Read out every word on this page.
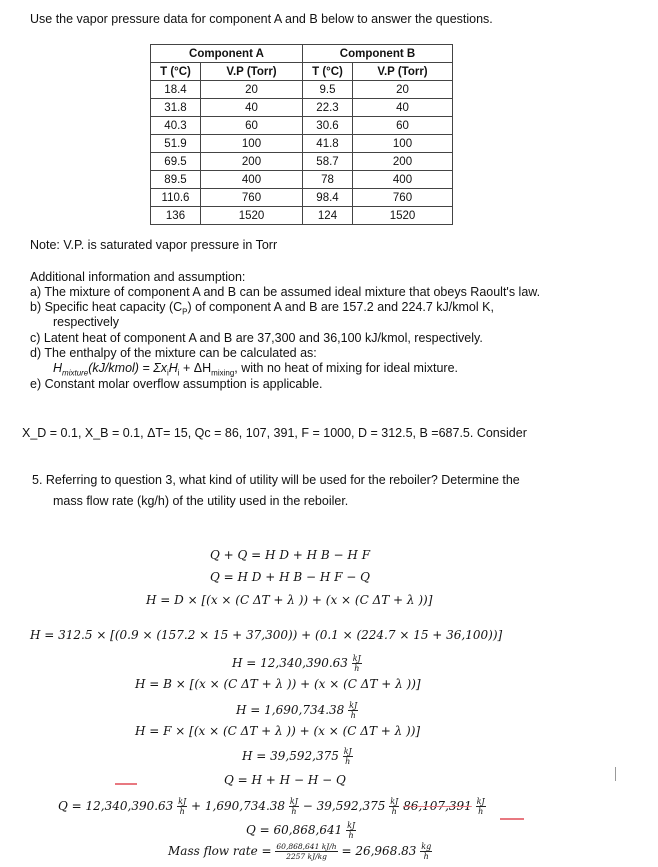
Use the vapor pressure data for component A and B below to answer the questions.
Component A		Component B	
T (°C)	V.P (Torr)	T (°C)	V.P (Torr)
18.4	20	9.5	20
31.8	40	22.3	40
40.3	60	30.6	60
51.9	100	41.8	100
69.5	200	58.7	200
89.5	400	78	400
110.6	760	98.4	760
136	1520	124	1520
Note: V.P. is saturated vapor pressure in Torr
Additional information and assumption:
a) The mixture of component A and B can be assumed ideal mixture that obeys Raoult's law.
b) Specific heat capacity $(C_P)$ of component A and B are 157.2 and 224.7 kJ/kmol K,
respectively
c) Latent heat of component A and B are 37,300 and 36,100 kJ/kmol, respectively.
d) The enthalpy of the mixture can be calculated as:
$H_{mixture}(kJ/kmol) = \Sigma x_iH_i + \Delta H_{mixing}$, with no heat of mixing for ideal mixture.
e) Constant molar overflow assumption is applicable.
X_D = 0.1, X_B = 0.1, ΔT= 15, Qc = 86, 107, 391, F = 1000, D = 312.5, B =687.5. Consider
5. Referring to question 3, what kind of utility will be used for the reboiler? Determine the
mass flow rate (kg/h) of the utility used in the reboiler.
Q + Q = H D + H B − H F
Q = H D + H B − H F − Q
H = D × [(x × (C ΔT + λ )) + (x × (C ΔT + λ ))]
H = 312.5 × [(0.9 × (157.2 × 15 + 37,300)) + (0.1 × (224.7 × 15 + 36,100))]
$H = 12,340,390.63 \frac{kJ}{h}$
H = B × [(x × (C ΔT + λ )) + (x × (C ΔT + λ ))]
$H = 1,690,734.38 \frac{kJ}{h}$
H = F × [(x × (C ΔT + λ )) + (x × (C ΔT + λ ))]
$H = 39,592,375 \frac{kJ}{h}$
Q = H + H − H − Q
$Q = 12,340,390.63 \frac{kJ}{h} + 1,690,734.38 \frac{kJ}{h} - 39,592,375 \frac{kJ}{h} 86,107,391 \frac{kJ}{h}$
$Q = 60,868,641 \frac{kJ}{h}$
Mass flow rate = $\frac{60,868,641 kJ/h}{2257 kJ/kg} = 26,968.83 \frac{kg}{h}$
